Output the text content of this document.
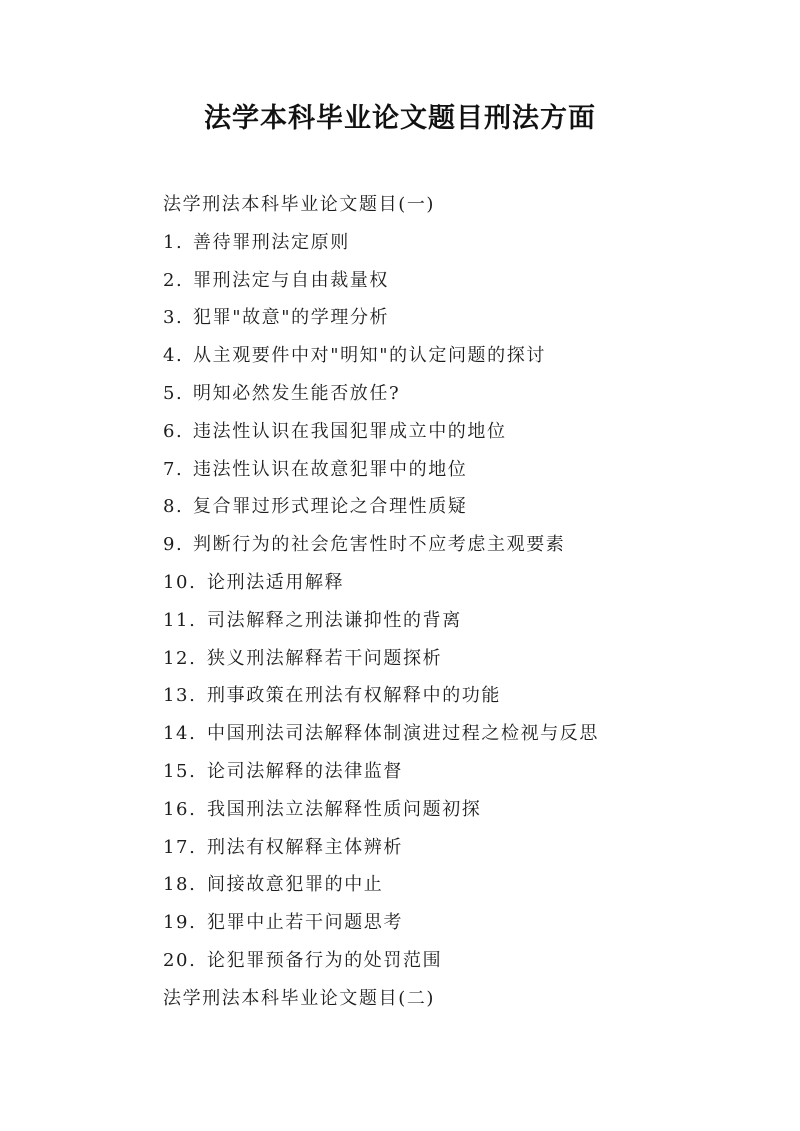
法学本科毕业论文题目刑法方面
法学刑法本科毕业论文题目(一)
1. 善待罪刑法定原则
2. 罪刑法定与自由裁量权
3. 犯罪"故意"的学理分析
4. 从主观要件中对"明知"的认定问题的探讨
5. 明知必然发生能否放任?
6. 违法性认识在我国犯罪成立中的地位
7. 违法性认识在故意犯罪中的地位
8. 复合罪过形式理论之合理性质疑
9. 判断行为的社会危害性时不应考虑主观要素
10. 论刑法适用解释
11. 司法解释之刑法谦抑性的背离
12. 狭义刑法解释若干问题探析
13. 刑事政策在刑法有权解释中的功能
14. 中国刑法司法解释体制演进过程之检视与反思
15. 论司法解释的法律监督
16. 我国刑法立法解释性质问题初探
17. 刑法有权解释主体辨析
18. 间接故意犯罪的中止
19. 犯罪中止若干问题思考
20. 论犯罪预备行为的处罚范围
法学刑法本科毕业论文题目(二)
